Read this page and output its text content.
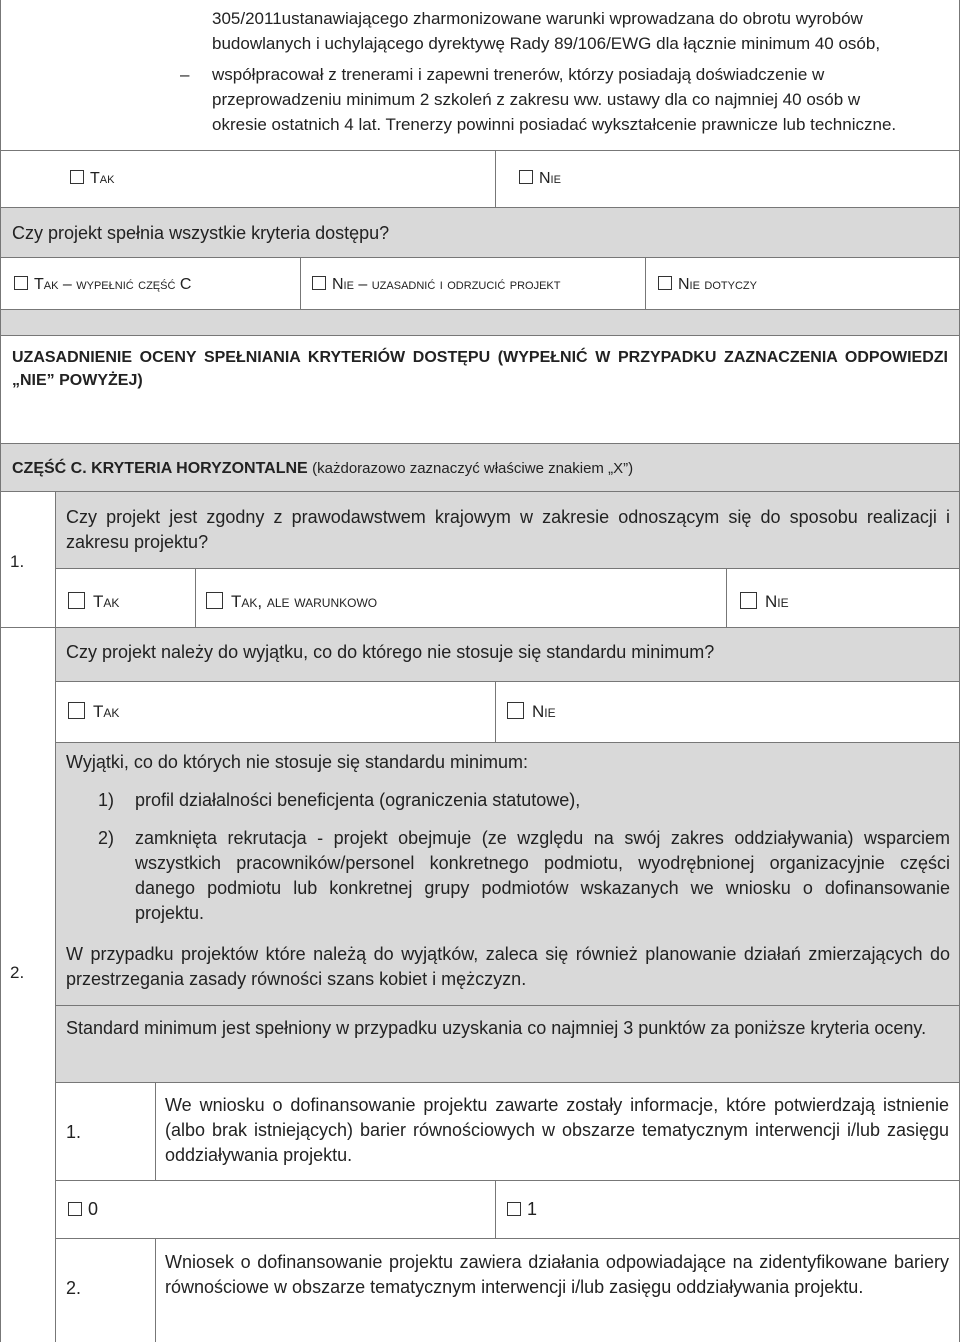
305/2011ustanawiającego zharmonizowane warunki wprowadzana do obrotu wyrobów
budowlanych i uchylającego dyrektywę Rady 89/106/EWG dla łącznie minimum 40 osób,
– współpracował z trenerami i zapewni trenerów, którzy posiadają doświadczenie w przeprowadzeniu minimum 2 szkoleń z zakresu ww. ustawy dla co najmniej 40 osób w okresie ostatnich 4 lat. Trenerzy powinni posiadać wykształcenie prawnicze lub techniczne.
Tak	Nie
Czy projekt spełnia wszystkie kryteria dostępu?
Tak – wypełnić część C	Nie – uzasadnić i odrzucić projekt	Nie dotyczy
UZASADNIENIE OCENY SPEŁNIANIA KRYTERIÓW DOSTĘPU (WYPEŁNIĆ W PRZYPADKU ZAZNACZENIA ODPOWIEDZI „NIE” POWYŻEJ)
CZĘŚĆ C. KRYTERIA HORYZONTALNE (każdorazowo zaznaczyć właściwe znakiem „X”)
1.
Czy projekt jest zgodny z prawodawstwem krajowym w zakresie odnoszącym się do sposobu realizacji i zakresu projektu?
Tak	Tak, ale warunkowo	Nie
2.
Czy projekt należy do wyjątku, co do którego nie stosuje się standardu minimum?
Tak	Nie
Wyjątki, co do których nie stosuje się standardu minimum:
1) profil działalności beneficjenta (ograniczenia statutowe),
2) zamknięta rekrutacja - projekt obejmuje (ze względu na swój zakres oddziaływania) wsparciem wszystkich pracowników/personel konkretnego podmiotu, wyodrębnionej organizacyjnie części danego podmiotu lub konkretnej grupy podmiotów wskazanych we wniosku o dofinansowanie projektu.
W przypadku projektów które należą do wyjątków, zaleca się również planowanie działań zmierzających do przestrzegania zasady równości szans kobiet i mężczyzn.
Standard minimum jest spełniony w przypadku uzyskania co najmniej 3 punktów za poniższe kryteria oceny.
1.
We wniosku o dofinansowanie projektu zawarte zostały informacje, które potwierdzają istnienie (albo brak istniejących) barier równościowych w obszarze tematycznym interwencji i/lub zasięgu oddziaływania projektu.
0	1
2.
Wniosek o dofinansowanie projektu zawiera działania odpowiadające na zidentyfikowane bariery równościowe w obszarze tematycznym interwencji i/lub zasięgu oddziaływania projektu.
